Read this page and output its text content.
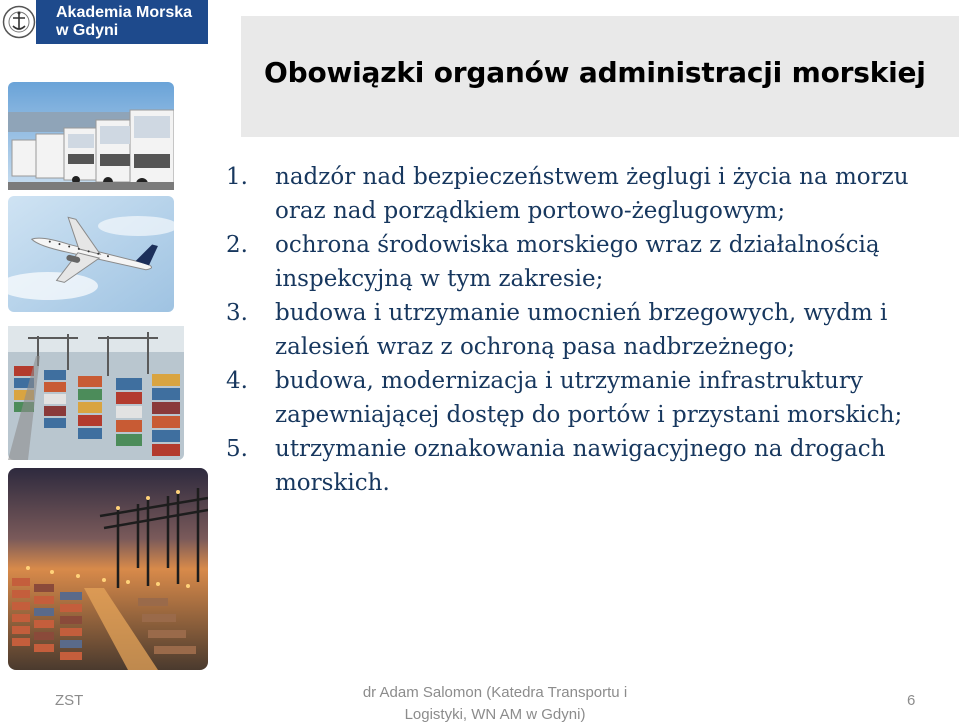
Akademia Morska
w Gdyni
Obowiązki organów administracji morskiej
1. nadzór nad bezpieczeństwem żeglugi i życia na morzu oraz nad porządkiem portowo-żeglugowym;
2. ochrona środowiska morskiego wraz z działalnością inspekcyjną w tym zakresie;
3. budowa i utrzymanie umocnień brzegowych, wydm i zalesień wraz z ochroną pasa nadbrzeżnego;
4. budowa, modernizacja i utrzymanie infrastruktury zapewniającej dostęp do portów i przystani morskich;
5. utrzymanie oznakowania nawigacyjnego na drogach morskich.
ZST	dr Adam Salomon (Katedra Transportu i Logistyki, WN AM w Gdyni)
6
